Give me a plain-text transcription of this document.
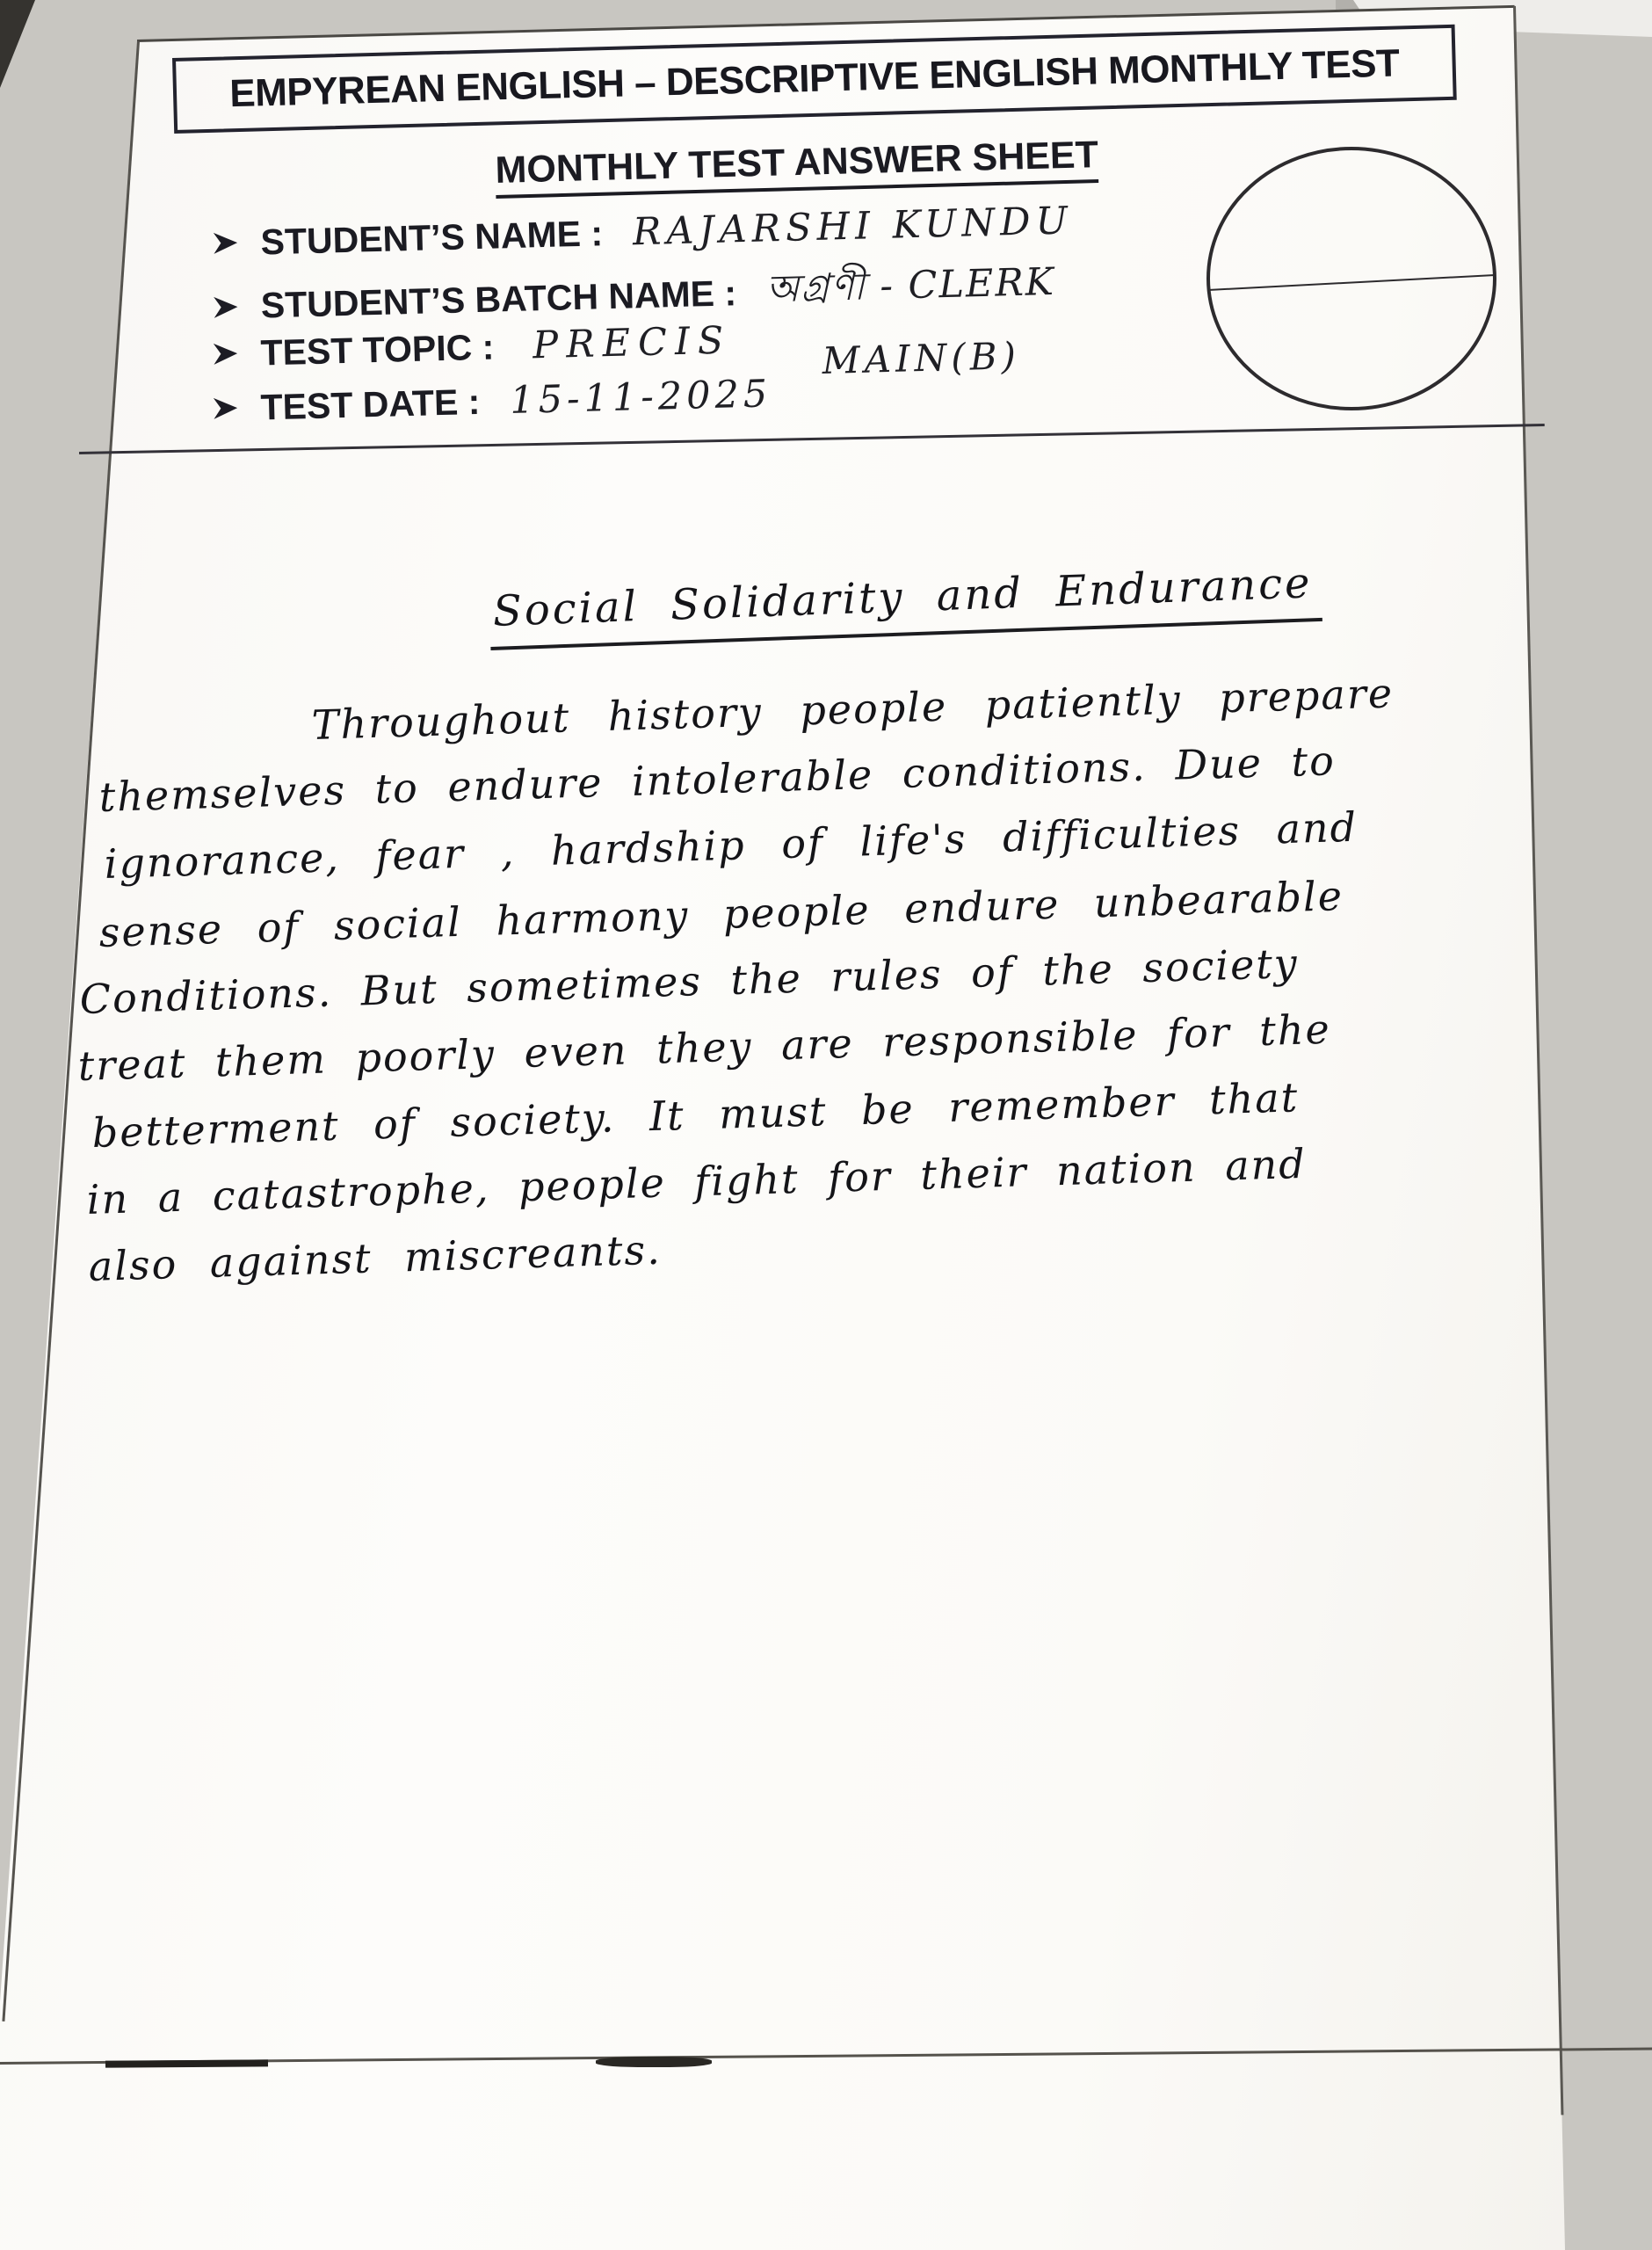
EMPYREAN ENGLISH – DESCRIPTIVE ENGLISH MONTHLY TEST
MONTHLY TEST ANSWER SHEET
STUDENT’S NAME : RAJARSHI KUNDU
STUDENT’S BATCH NAME : অগ্রণী - CLERK
MAIN(B)
TEST TOPIC : PRECIS
TEST DATE : 15-11-2025
Social Solidarity and Endurance
Throughout history people patiently prepare
themselves to endure intolerable conditions. Due to
ignorance, fear , hardship of life's difficulties and
sense of social harmony people endure unbearable
Conditions. But sometimes the rules of the society
treat them poorly even they are responsible for the
betterment of society. It must be remember that
in a catastrophe, people fight for their nation and
also against miscreants.
